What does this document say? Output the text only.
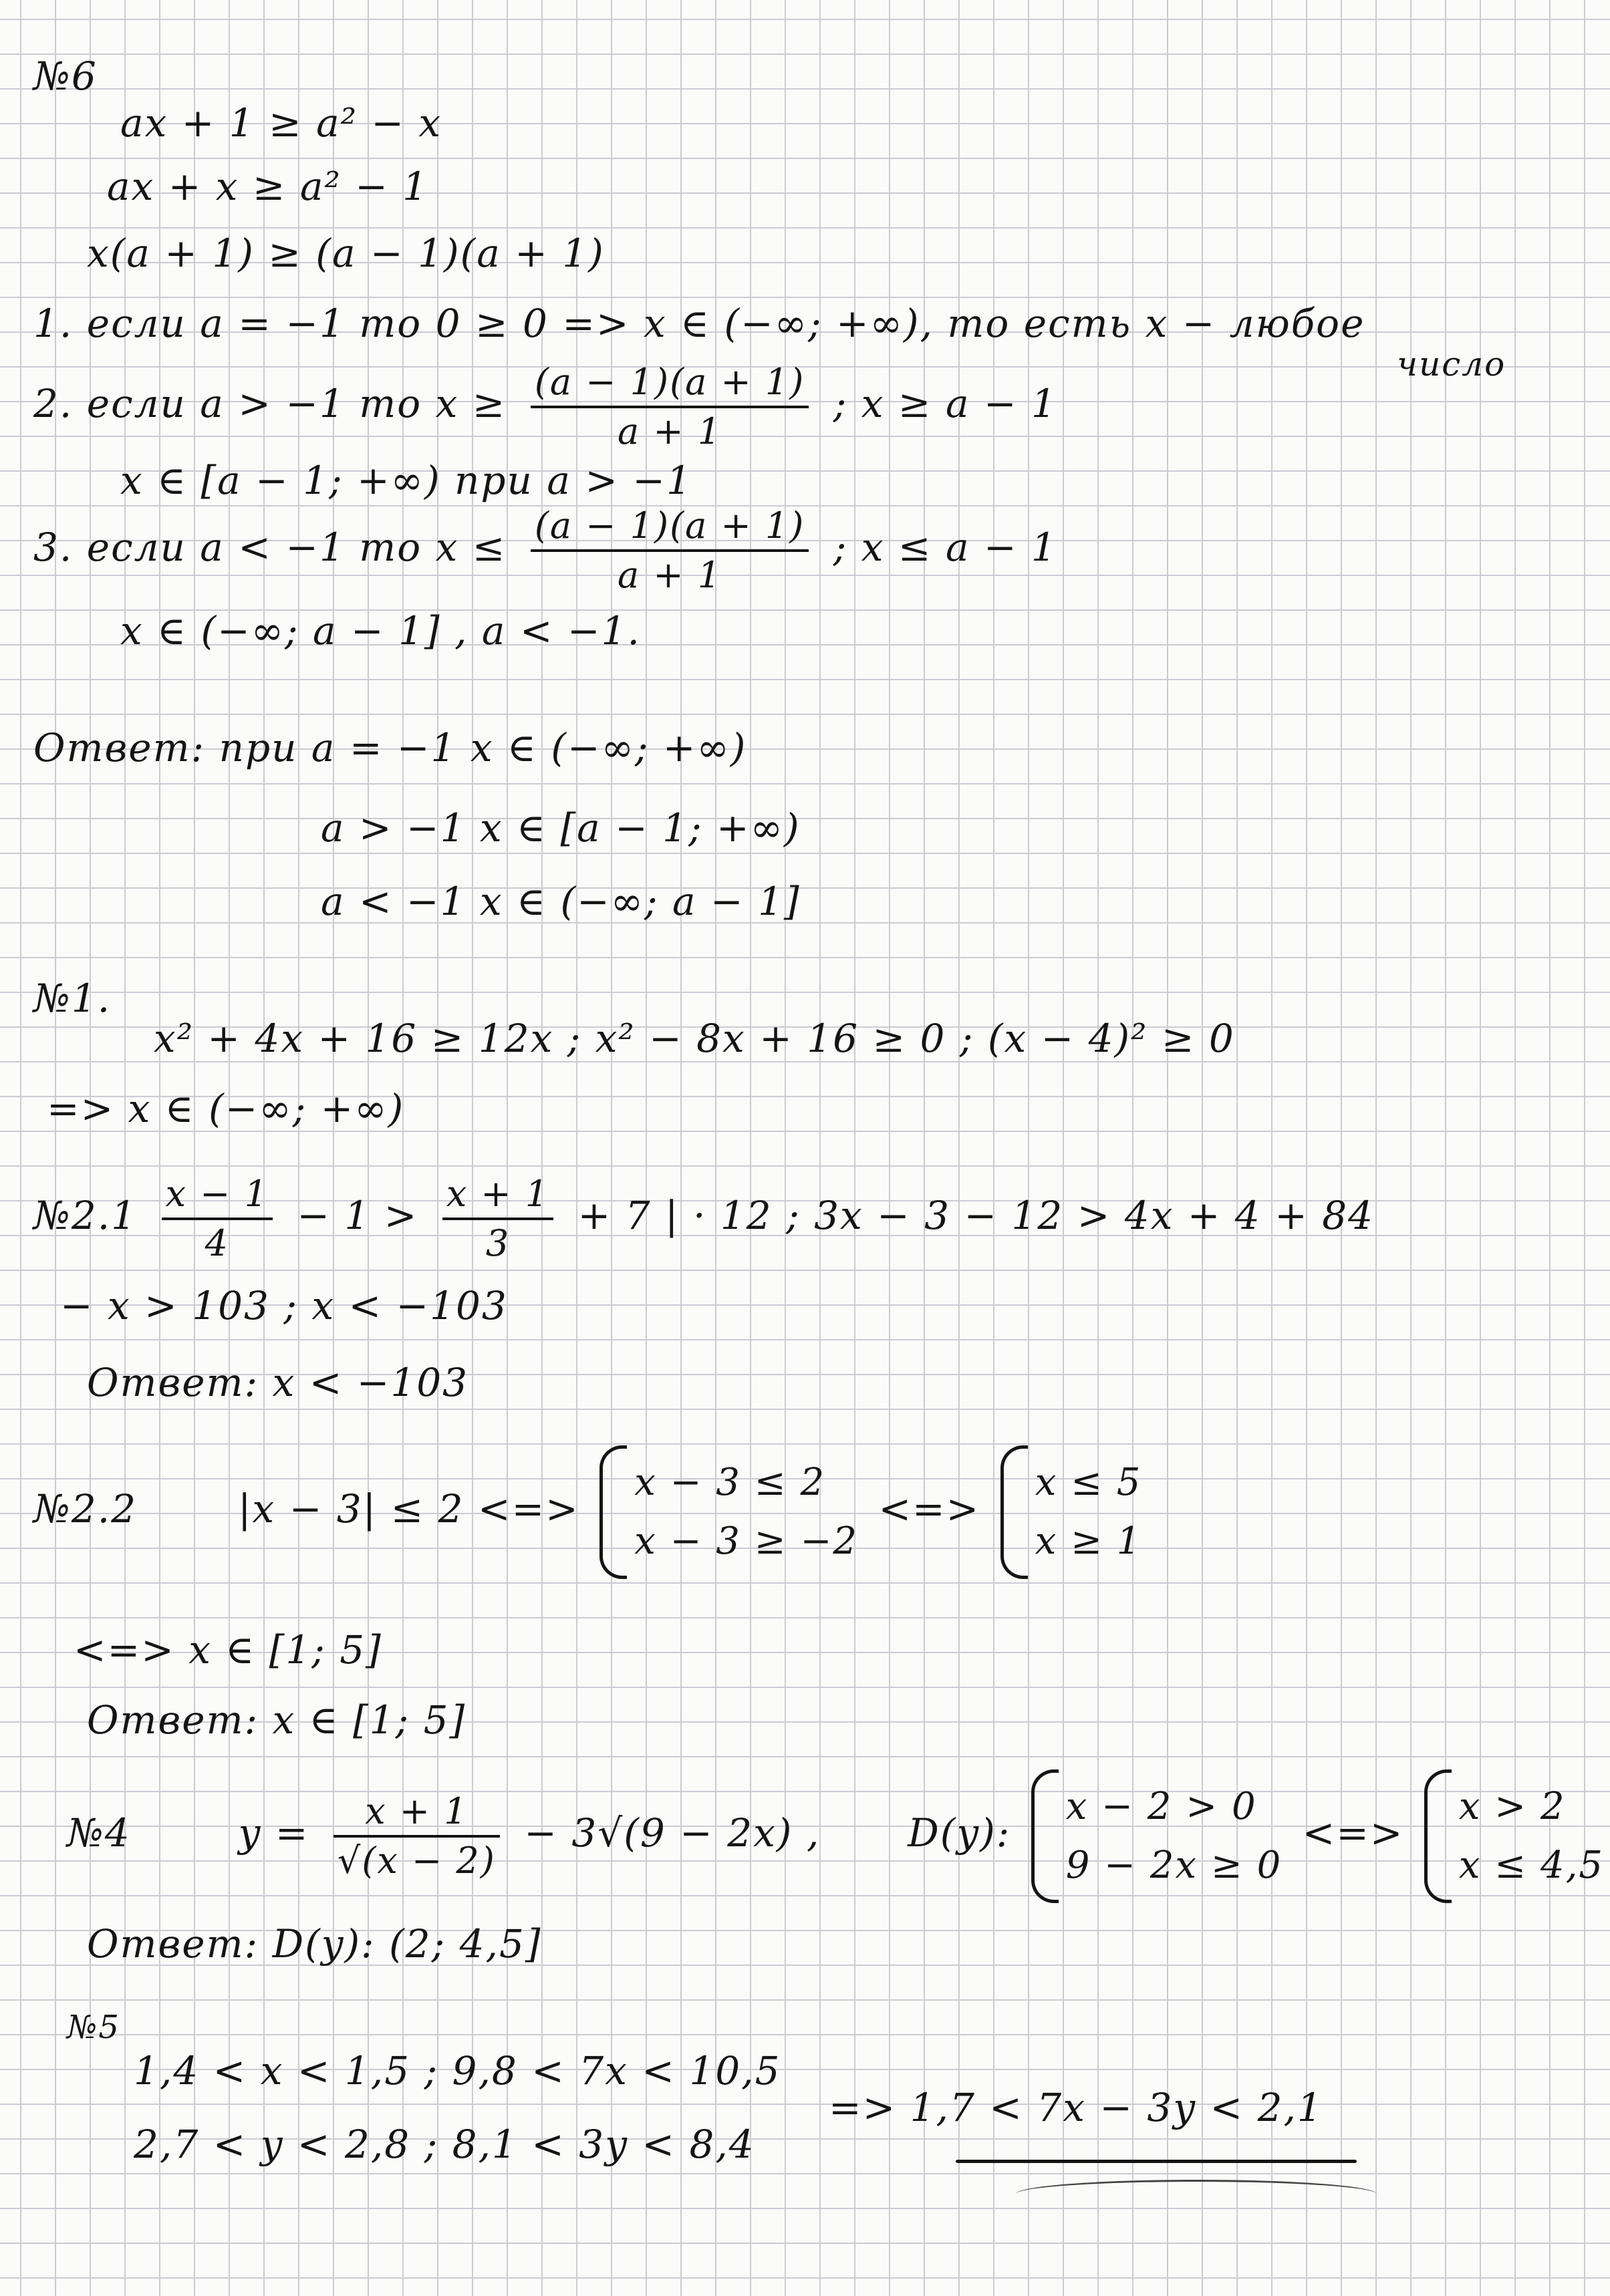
№6
ax + 1 ≥ a² − x
ax + x ≥ a² − 1
x(a + 1) ≥ (a − 1)(a + 1)
1. если a = −1 то 0 ≥ 0 => x ∈ (−∞; +∞), то есть x − любое
число
2. если a > −1 то $x \ge \frac{(a - 1)(a + 1)}{a + 1}$ ; x ≥ a − 1
x ∈ [a − 1; +∞) при a > −1
3. если a < −1 то $x \le \frac{(a - 1)(a + 1)}{a + 1}$ ; x ≤ a − 1
x ∈ (−∞; a − 1] , a < −1.
Ответ: при a = −1 x ∈ (−∞; +∞)
a > −1 x ∈ [a − 1; +∞)
a < −1 x ∈ (−∞; a − 1]
№1.
x² + 4x + 16 ≥ 12x ; x² − 8x + 16 ≥ 0 ; (x − 4)² ≥ 0
=> x ∈ (−∞; +∞)
№2.1 $\frac{x - 1}{4} - 1 > \frac{x + 1}{3} + 7$ | · 12 ; 3x − 3 − 12 > 4x + 4 + 84
− x > 103 ; x < −103
Ответ: x < −103
№2.2	|x − 3| ≤ 2 <=>
x − 3 ≤ 2
x − 3 ≥ −2
<=>
x ≤ 5
x ≥ 1
<=> x ∈ [1; 5]
Ответ: x ∈ [1; 5]
№4	$y = \frac{x + 1}{√(x - 2)} - 3√(9 - 2x)$ , D(y):
x − 2 > 0
9 − 2x ≥ 0
<=>
x > 2
x ≤ 4,5
Ответ: D(y): (2; 4,5]
№5
1,4 < x < 1,5 ; 9,8 < 7x < 10,5
2,7 < y < 2,8 ; 8,1 < 3y < 8,4
=> 1,7 < 7x − 3y < 2,1
